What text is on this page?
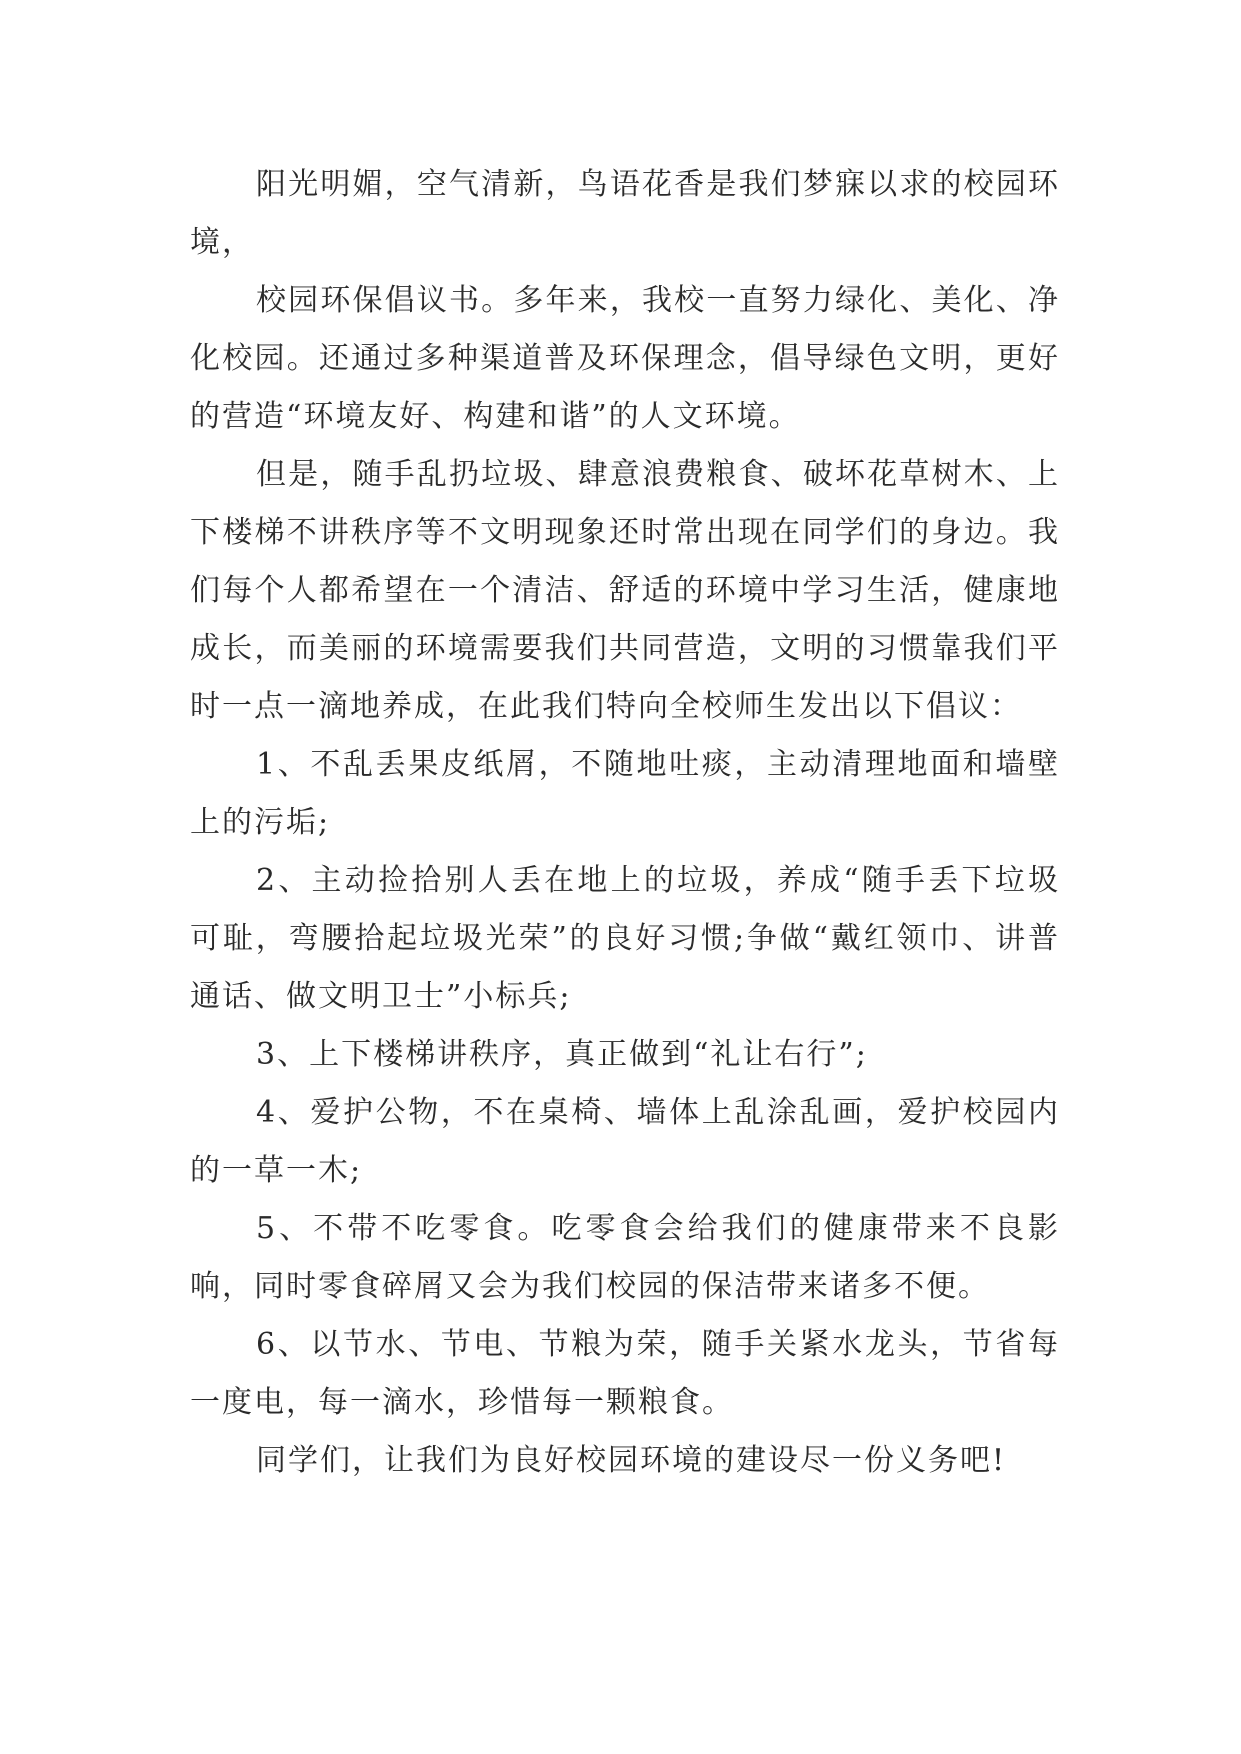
阳光明媚，空气清新，鸟语花香是我们梦寐以求的校园环境，

校园环保倡议书。多年来，我校一直努力绿化、美化、净化校园。还通过多种渠道普及环保理念，倡导绿色文明，更好的营造“环境友好、构建和谐”的人文环境。

但是，随手乱扔垃圾、肆意浪费粮食、破坏花草树木、上下楼梯不讲秩序等不文明现象还时常出现在同学们的身边。我们每个人都希望在一个清洁、舒适的环境中学习生活，健康地成长，而美丽的环境需要我们共同营造，文明的习惯靠我们平时一点一滴地养成，在此我们特向全校师生发出以下倡议：

1、不乱丢果皮纸屑，不随地吐痰，主动清理地面和墙壁上的污垢;

2、主动捡拾别人丢在地上的垃圾，养成“随手丢下垃圾可耻，弯腰拾起垃圾光荣”的良好习惯;争做“戴红领巾、讲普通话、做文明卫士”小标兵;

3、上下楼梯讲秩序，真正做到“礼让右行”;

4、爱护公物，不在桌椅、墙体上乱涂乱画，爱护校园内的一草一木;

5、不带不吃零食。吃零食会给我们的健康带来不良影响，同时零食碎屑又会为我们校园的保洁带来诸多不便。

6、以节水、节电、节粮为荣，随手关紧水龙头，节省每一度电，每一滴水，珍惜每一颗粮食。

同学们，让我们为良好校园环境的建设尽一份义务吧!
